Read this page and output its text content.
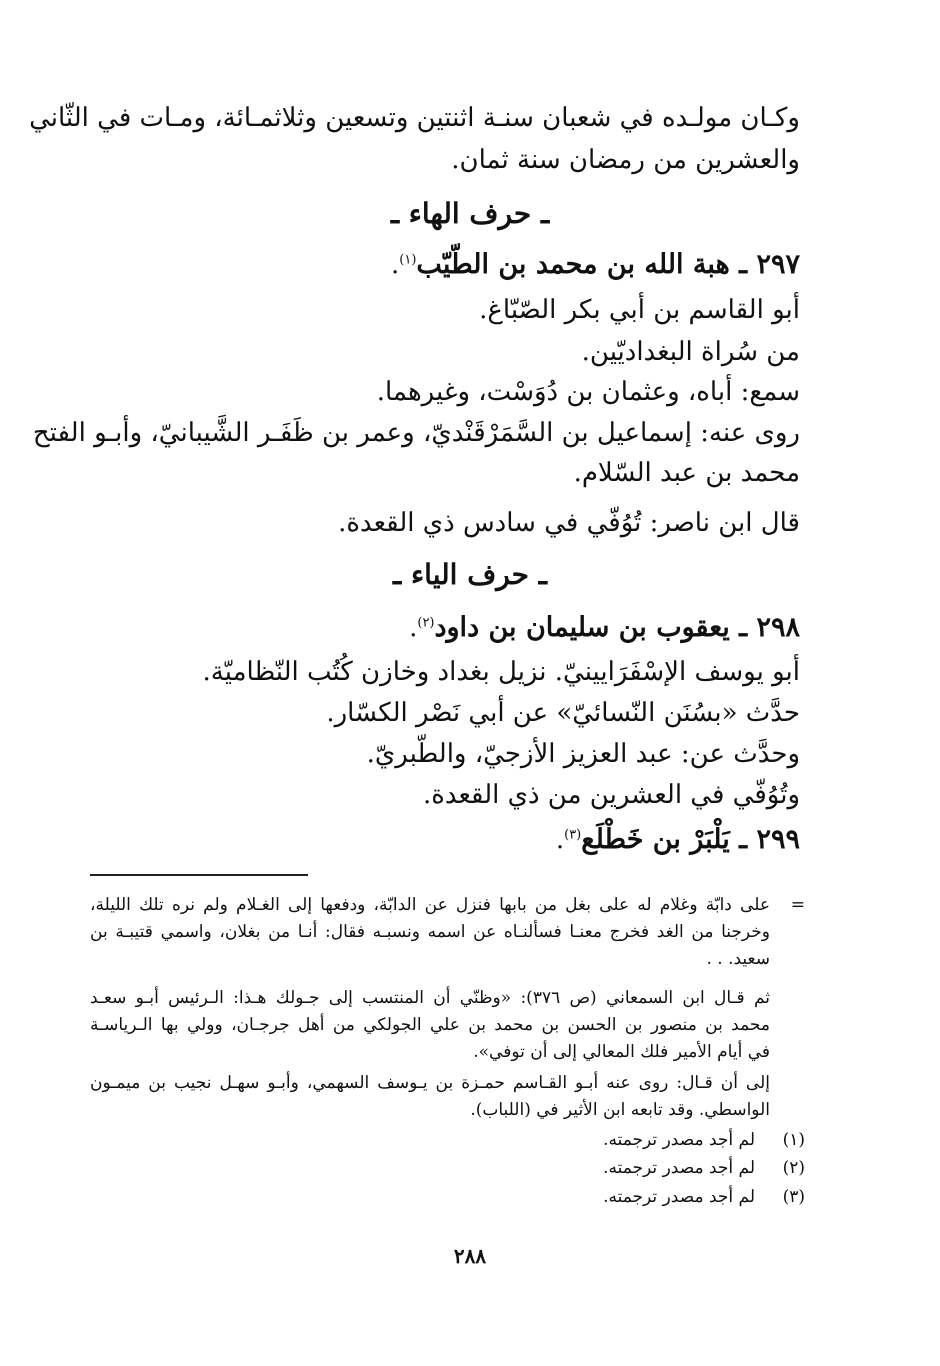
وكـان مولـده في شعبان سنـة اثنتين وتسعين وثلاثمـائة، ومـات في الثّاني
والعشرين من رمضان سنة ثمان.
ـ حرف الهاء ـ
٢٩٧ ـ هبة الله بن محمد بن الطّيّب$^{(١)}$.
أبو القاسم بن أبي بكر الصّبّاغ.
من سُراة البغداديّين.
سمع: أباه، وعثمان بن دُوَسْت، وغيرهما.
روى عنه: إسماعيل بن السَّمَرْقَنْديّ، وعمر بن ظَفَـر الشَّيبانيّ، وأبـو الفتح
محمد بن عبد السّلام.
قال ابن ناصر: تُوُفّي في سادس ذي القعدة.
ـ حرف الياء ـ
٢٩٨ ـ يعقوب بن سليمان بن داود$^{(٢)}$.
أبو يوسف الإسْفَرَايينيّ. نزيل بغداد وخازن كُتُب النّظاميّة.
حدَّث «بسُنَن النّسائيّ» عن أبي نَصْر الكسّار.
وحدَّث عن: عبد العزيز الأزجيّ، والطّبريّ.
وتُوُفّي في العشرين من ذي القعدة.
٢٩٩ ـ يَلْبَرْ بن خَطْلَع$^{(٣)}$.
=
على دابّة وغلام له على بغل من بابها فنزل عن الدابّة، ودفعها إلى الغـلام ولم نره تلك الليلة،
وخرجنا من الغد فخرج معنـا فسألنـاه عن اسمه ونسبـه فقال: أنـا من بغلان، واسمي قتيبـة بن
سعيد. . .
ثم قـال ابن السمعاني (ص ٣٧٦): «وظنّي أن المنتسب إلى جـولك هـذا: الـرئيس أبـو سعـد
محمد بن منصور بن الحسن بن محمد بن علي الجولكي من أهل جرجـان، وولي بها الـرياسـة
في أيام الأمير فلك المعالي إلى أن توفي».
إلى أن قـال: روى عنه أبـو القـاسم حمـزة بن يـوسف السهمي، وأبـو سهـل نجيب بن ميمـون
الواسطي. وقد تابعه ابن الأثير في (اللباب).
(١)
لم أجد مصدر ترجمته.
(٢)
لم أجد مصدر ترجمته.
(٣)
لم أجد مصدر ترجمته.
٢٨٨
